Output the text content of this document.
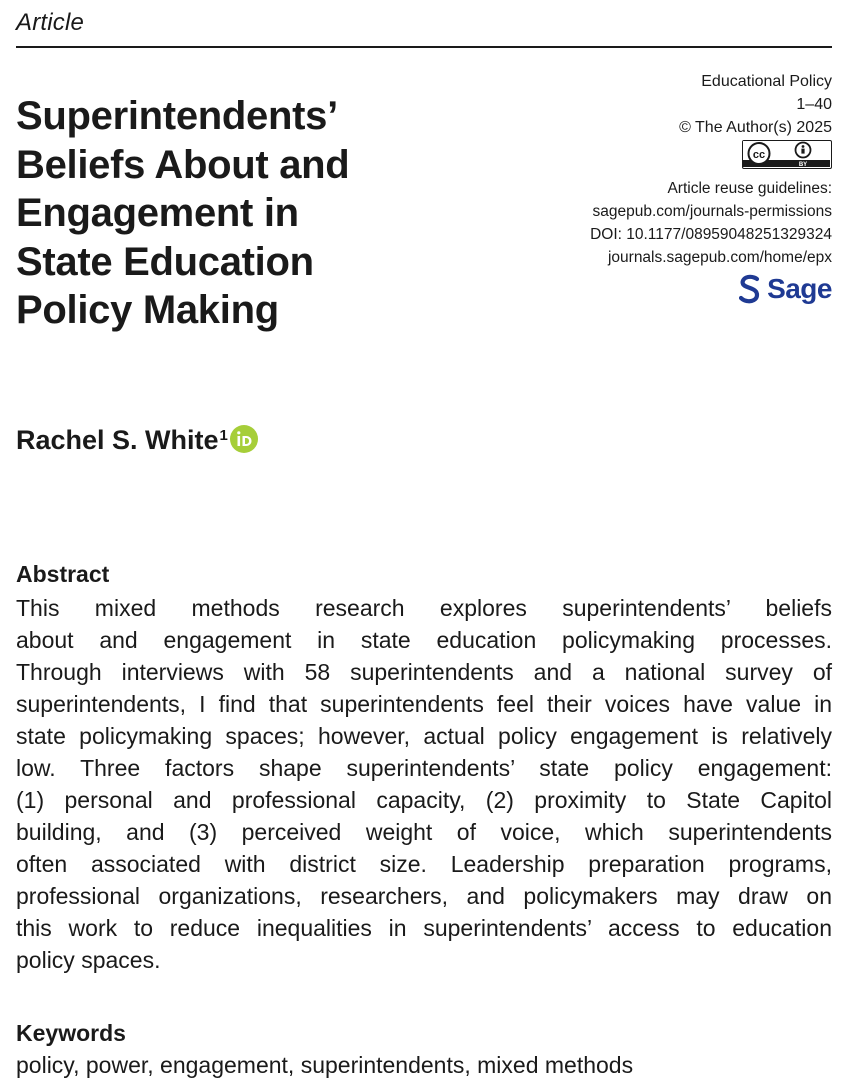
Article
Superintendents’
Beliefs About and
Engagement in
State Education
Policy Making
Educational Policy
1–40
© The Author(s) 2025
cc
BY
Article reuse guidelines:
sagepub.com/journals-permissions
DOI: 10.1177/08959048251329324
journals.sagepub.com/home/epx
Sage
Rachel S. White 1
Abstract
This mixed methods research explores superintendents’ beliefs
about and engagement in state education policymaking processes.
Through interviews with 58 superintendents and a national survey of
superintendents, I find that superintendents feel their voices have value in
state policymaking spaces; however, actual policy engagement is relatively
low. Three factors shape superintendents’ state policy engagement:
(1) personal and professional capacity, (2) proximity to State Capitol
building, and (3) perceived weight of voice, which superintendents
often associated with district size. Leadership preparation programs,
professional organizations, researchers, and policymakers may draw on
this work to reduce inequalities in superintendents’ access to education
policy spaces.
Keywords
policy, power, engagement, superintendents, mixed methods
